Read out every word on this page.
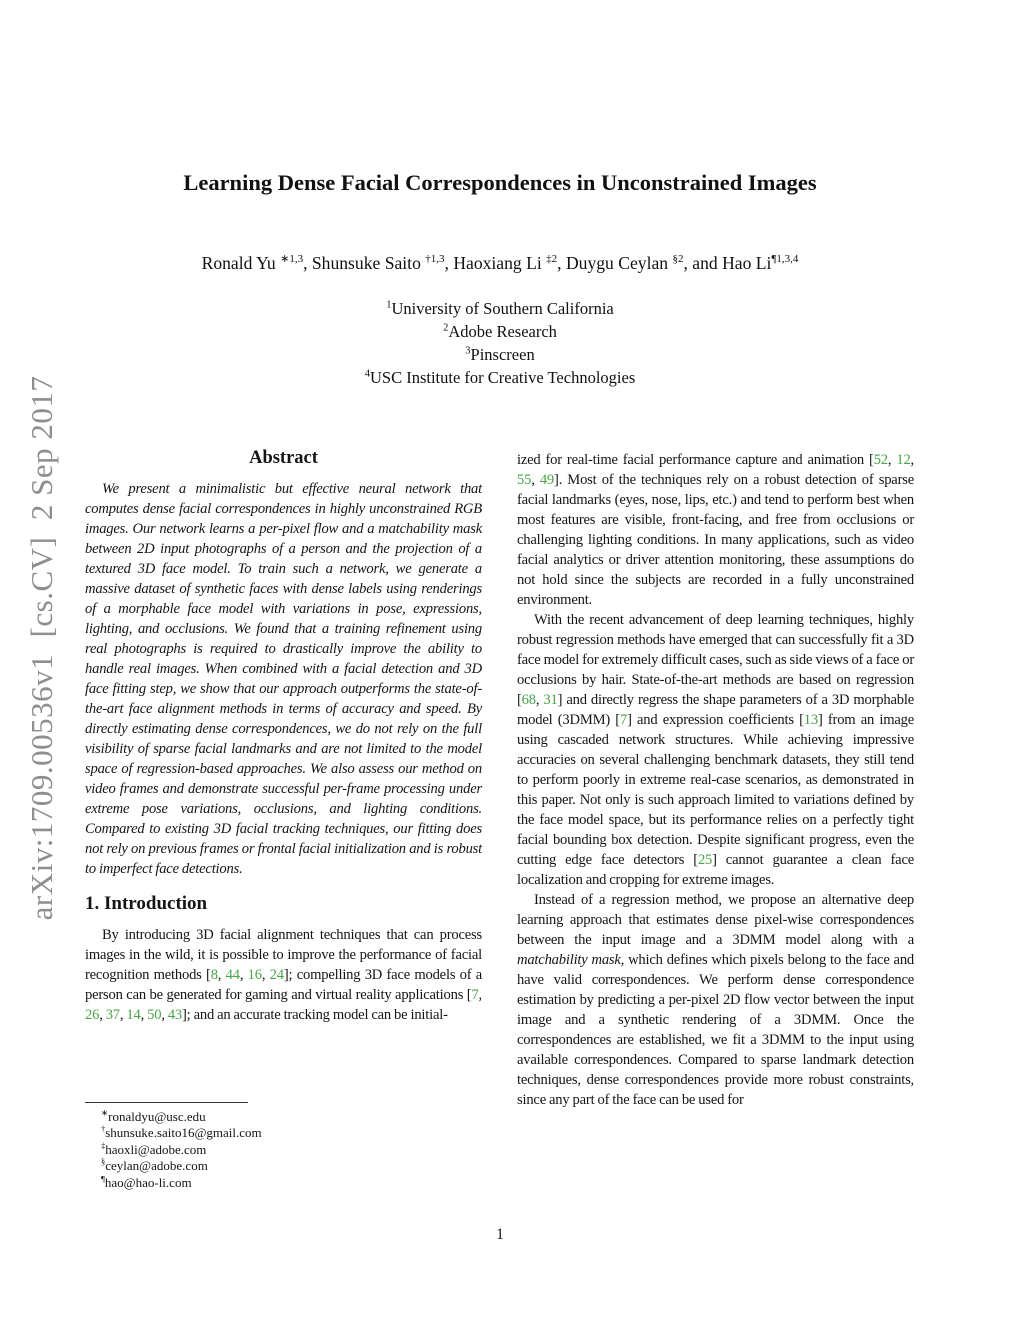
arXiv:1709.00536v1  [cs.CV]  2 Sep 2017
Learning Dense Facial Correspondences in Unconstrained Images
Ronald Yu $^{∗1,3}$, Shunsuke Saito $^{\dagger 1,3}$, Haoxiang Li $^{\ddagger 2}$, Duygu Ceylan $^{\S 2}$, and Hao Li$^{\P 1,3,4}$
$^1$University of Southern California
$^2$Adobe Research
$^3$Pinscreen
$^4$USC Institute for Creative Technologies
Abstract

We present a minimalistic but effective neural network that computes dense facial correspondences in highly unconstrained RGB images. Our network learns a per-pixel flow and a matchability mask between 2D input photographs of a person and the projection of a textured 3D face model. To train such a network, we generate a massive dataset of synthetic faces with dense labels using renderings of a morphable face model with variations in pose, expressions, lighting, and occlusions. We found that a training refinement using real photographs is required to drastically improve the ability to handle real images. When combined with a facial detection and 3D face fitting step, we show that our approach outperforms the state-of-the-art face alignment methods in terms of accuracy and speed. By directly estimating dense correspondences, we do not rely on the full visibility of sparse facial landmarks and are not limited to the model space of regression-based approaches. We also assess our method on video frames and demonstrate successful per-frame processing under extreme pose variations, occlusions, and lighting conditions. Compared to existing 3D facial tracking techniques, our fitting does not rely on previous frames or frontal facial initialization and is robust to imperfect face detections.

1. Introduction

By introducing 3D facial alignment techniques that can process images in the wild, it is possible to improve the performance of facial recognition methods [8, 44, 16, 24]; compelling 3D face models of a person can be generated for gaming and virtual reality applications [7, 26, 37, 14, 50, 43]; and an accurate tracking model can be initial-

ized for real-time facial performance capture and animation [52, 12, 55, 49]. Most of the techniques rely on a robust detection of sparse facial landmarks (eyes, nose, lips, etc.) and tend to perform best when most features are visible, front-facing, and free from occlusions or challenging lighting conditions. In many applications, such as video facial analytics or driver attention monitoring, these assumptions do not hold since the subjects are recorded in a fully unconstrained environment.

With the recent advancement of deep learning techniques, highly robust regression methods have emerged that can successfully fit a 3D face model for extremely difficult cases, such as side views of a face or occlusions by hair. State-of-the-art methods are based on regression [68, 31] and directly regress the shape parameters of a 3D morphable model (3DMM) [7] and expression coefficients [13] from an image using cascaded network structures. While achieving impressive accuracies on several challenging benchmark datasets, they still tend to perform poorly in extreme real-case scenarios, as demonstrated in this paper. Not only is such approach limited to variations defined by the face model space, but its performance relies on a perfectly tight facial bounding box detection. Despite significant progress, even the cutting edge face detectors [25] cannot guarantee a clean face localization and cropping for extreme images.

Instead of a regression method, we propose an alternative deep learning approach that estimates dense pixel-wise correspondences between the input image and a 3DMM model along with a matchability mask, which defines which pixels belong to the face and have valid correspondences. We perform dense correspondence estimation by predicting a per-pixel 2D flow vector between the input image and a synthetic rendering of a 3DMM. Once the correspondences are established, we fit a 3DMM to the input using available correspondences. Compared to sparse landmark detection techniques, dense correspondences provide more robust constraints, since any part of the face can be used for

∗ronaldyu@usc.edu
†shunsuke.saito16@gmail.com
‡haoxli@adobe.com
§ceylan@adobe.com
¶hao@hao-li.com
1
